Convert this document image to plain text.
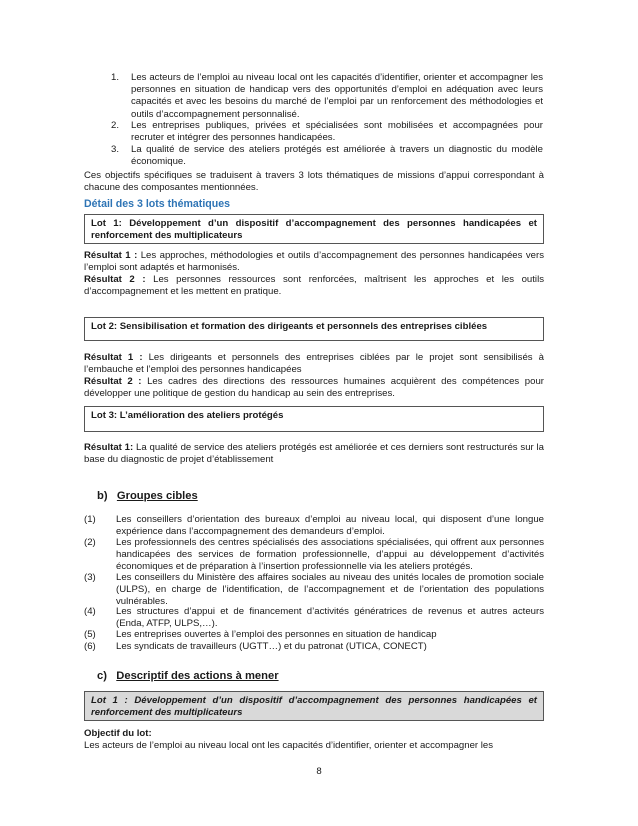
1.	Les acteurs de l’emploi au niveau local ont les capacités d’identifier, orienter et accompagner les personnes en situation de handicap vers des opportunités d’emploi en adéquation avec leurs capacités et avec les besoins du marché de l’emploi par un renforcement des méthodologies et outils d’accompagnement personnalisé.
2.	Les entreprises publiques, privées et spécialisées sont mobilisées et accompagnées pour recruter et intégrer des personnes handicapées.
3.	La qualité de service des ateliers protégés est améliorée à travers un diagnostic du modèle économique.
Ces objectifs spécifiques se traduisent à travers 3 lots thématiques de missions d’appui correspondant à chacune des composantes mentionnées.
Détail des 3 lots thématiques
Lot 1: Développement d’un dispositif d’accompagnement des personnes handicapées et renforcement des multiplicateurs
Résultat 1 : Les approches, méthodologies et outils d’accompagnement des personnes handicapées vers l’emploi sont adaptés et harmonisés.
Résultat 2 : Les personnes ressources sont renforcées, maîtrisent les approches et les outils d’accompagnement et les mettent en pratique.
Lot 2: Sensibilisation et formation des dirigeants et personnels des entreprises ciblées
Résultat 1 : Les dirigeants et personnels des entreprises ciblées par le projet sont sensibilisés à l’embauche et l’emploi des personnes handicapées
Résultat 2 : Les cadres des directions des ressources humaines acquièrent des compétences pour développer une politique de gestion du handicap au sein des entreprises.
Lot 3: L’amélioration des ateliers protégés
Résultat 1: La qualité de service des ateliers protégés est améliorée et ces derniers sont restructurés sur la base du diagnostic de projet d’établissement
b) Groupes cibles
(1)	Les conseillers d’orientation des bureaux d’emploi au niveau local, qui disposent d’une longue expérience dans l’accompagnement des demandeurs d’emploi.
(2)	Les professionnels des centres spécialisés des associations spécialisées, qui offrent aux personnes handicapées des services de formation professionnelle, d’appui au développement d’activités économiques et de préparation à l’insertion professionnelle via les ateliers protégés.
(3)	Les conseillers du Ministère des affaires sociales au niveau des unités locales de promotion sociale (ULPS), en charge de l’identification, de l’accompagnement et de l’orientation des populations vulnérables.
(4)	Les structures d’appui et de financement d’activités génératrices de revenus et autres acteurs (Enda, ATFP, ULPS,…).
(5)	Les entreprises ouvertes à l’emploi des personnes en situation de handicap
(6)	Les syndicats de travailleurs (UGTT…) et du patronat (UTICA, CONECT)
c) Descriptif des actions à mener
Lot 1 : Développement d’un dispositif d’accompagnement des personnes handicapées et renforcement des multiplicateurs
Objectif du lot:
Les acteurs de l’emploi au niveau local ont les capacités d’identifier, orienter et accompagner les
8
